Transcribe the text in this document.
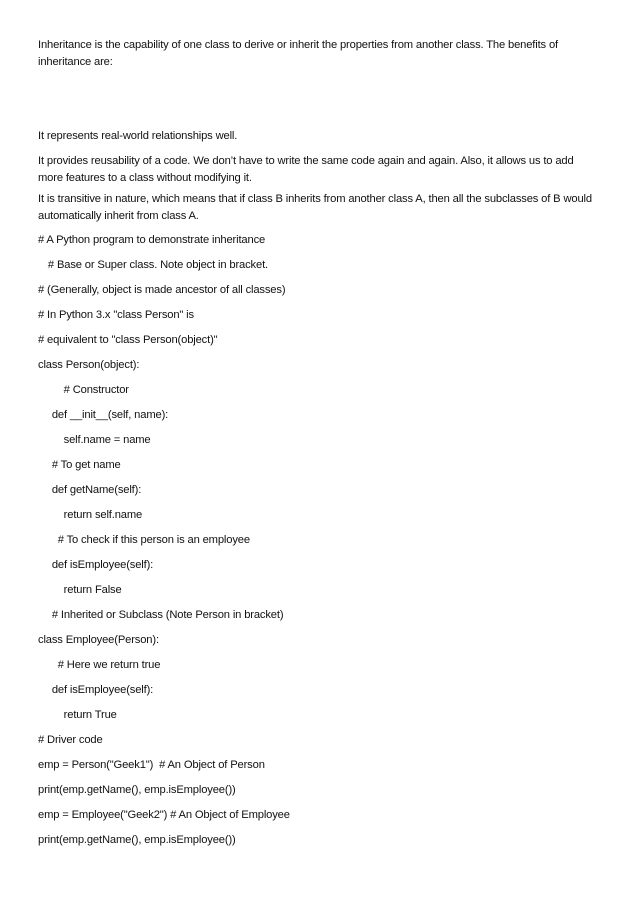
Inheritance is the capability of one class to derive or inherit the properties from another class. The benefits of inheritance are:
It represents real-world relationships well.
It provides reusability of a code. We don’t have to write the same code again and again. Also, it allows us to add more features to a class without modifying it.
It is transitive in nature, which means that if class B inherits from another class A, then all the subclasses of B would automatically inherit from class A.
# A Python program to demonstrate inheritance
# Base or Super class. Note object in bracket.
# (Generally, object is made ancestor of all classes)
# In Python 3.x "class Person" is
# equivalent to "class Person(object)"
class Person(object):
# Constructor
def __init__(self, name):
self.name = name
# To get name
def getName(self):
return self.name
# To check if this person is an employee
def isEmployee(self):
return False
# Inherited or Subclass (Note Person in bracket)
class Employee(Person):
# Here we return true
def isEmployee(self):
return True
# Driver code
emp = Person("Geek1")  # An Object of Person
print(emp.getName(), emp.isEmployee())
emp = Employee("Geek2") # An Object of Employee
print(emp.getName(), emp.isEmployee())
